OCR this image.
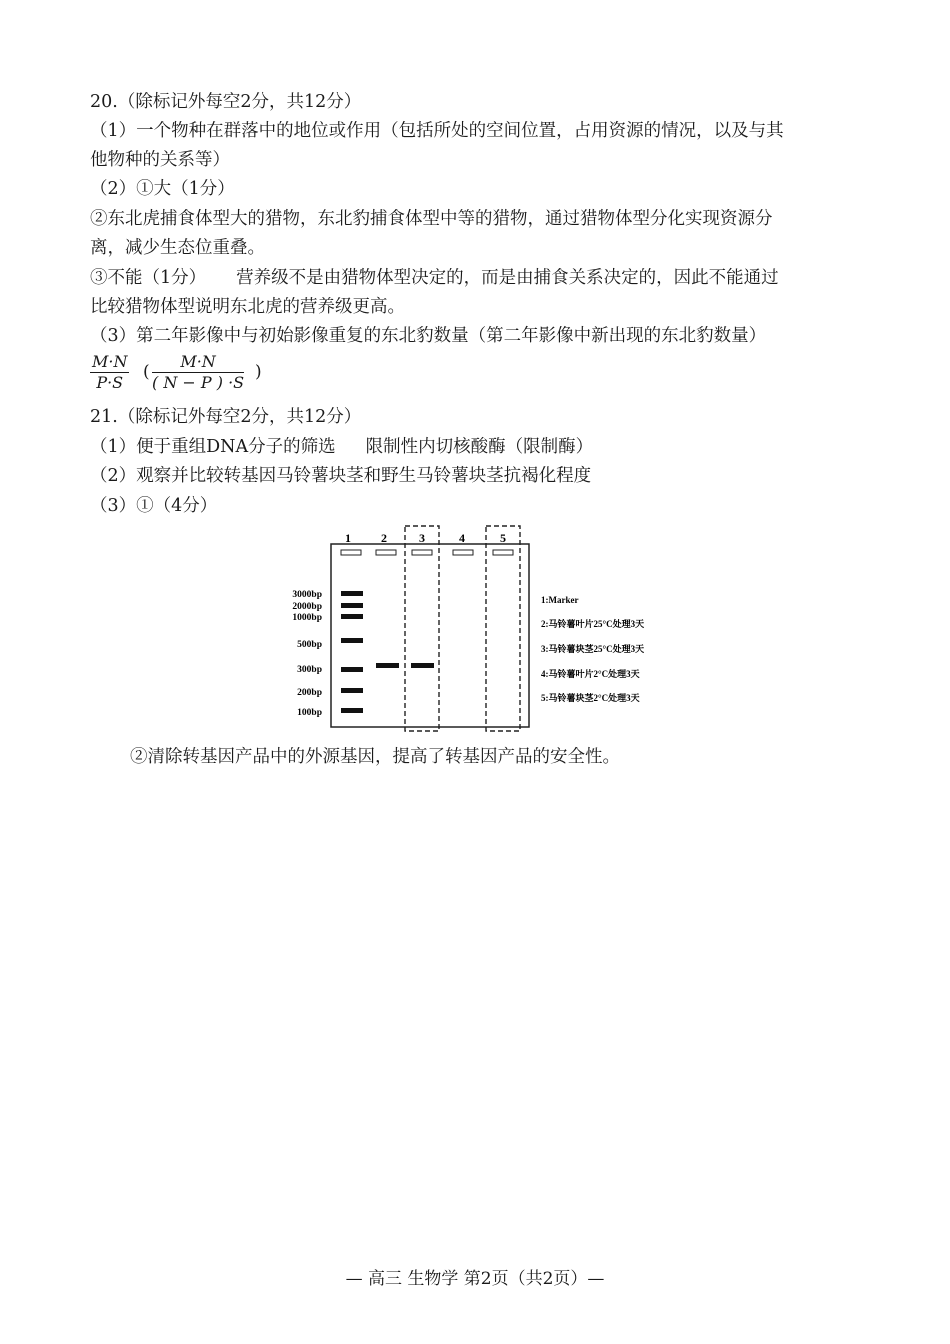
20.（除标记外每空2分，共12分）
（1）一个物种在群落中的地位或作用（包括所处的空间位置，占用资源的情况，以及与其
他物种的关系等）
（2）①大（1分）
②东北虎捕食体型大的猎物，东北豹捕食体型中等的猎物，通过猎物体型分化实现资源分
离，减少生态位重叠。
③不能（1分） 营养级不是由猎物体型决定的，而是由捕食关系决定的，因此不能通过
比较猎物体型说明东北虎的营养级更高。
（3）第二年影像中与初始影像重复的东北豹数量（第二年影像中新出现的东北豹数量）
$\frac{M\cdot N}{P\cdot S}$ ( $\frac{M\cdot N}{( N - P ) \cdot S}$ )
21.（除标记外每空2分，共12分）
（1）便于重组DNA分子的筛选 限制性内切核酸酶（限制酶）
（2）观察并比较转基因马铃薯块茎和野生马铃薯块茎抗褐化程度
（3）①（4分）
1	2	3	4	5
3000bp
2000bp
1000bp
500bp
300bp
200bp
100bp
1:Marker
2:马铃薯叶片25°C处理3天
3:马铃薯块茎25°C处理3天
4:马铃薯叶片2°C处理3天
5:马铃薯块茎2°C处理3天
②清除转基因产品中的外源基因，提高了转基因产品的安全性。
— 高三 生物学 第2页（共2页）—
